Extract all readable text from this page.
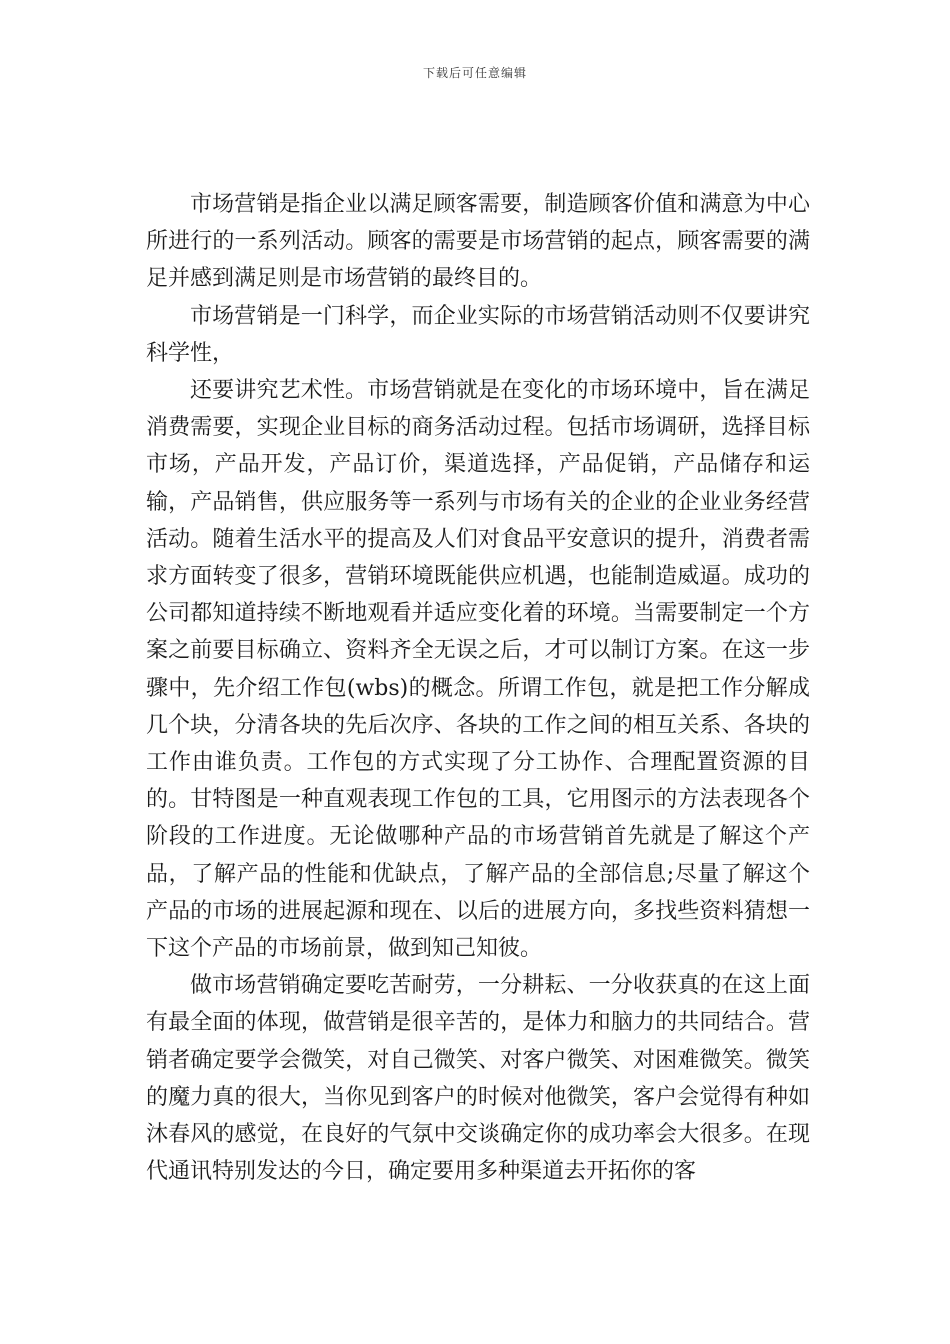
下载后可任意编辑

市场营销是指企业以满足顾客需要，制造顾客价值和满意为中心所进行的一系列活动。顾客的需要是市场营销的起点，顾客需要的满足并感到满足则是市场营销的最终目的。

市场营销是一门科学，而企业实际的市场营销活动则不仅要讲究科学性，

还要讲究艺术性。市场营销就是在变化的市场环境中，旨在满足消费需要，实现企业目标的商务活动过程。包括市场调研，选择目标市场，产品开发，产品订价，渠道选择，产品促销，产品储存和运输，产品销售，供应服务等一系列与市场有关的企业的企业业务经营活动。随着生活水平的提高及人们对食品平安意识的提升，消费者需求方面转变了很多，营销环境既能供应机遇，也能制造威逼。成功的公司都知道持续不断地观看并适应变化着的环境。当需要制定一个方案之前要目标确立、资料齐全无误之后，才可以制订方案。在这一步骤中，先介绍工作包(wbs)的概念。所谓工作包，就是把工作分解成几个块，分清各块的先后次序、各块的工作之间的相互关系、各块的工作由谁负责。工作包的方式实现了分工协作、合理配置资源的目的。甘特图是一种直观表现工作包的工具，它用图示的方法表现各个阶段的工作进度。无论做哪种产品的市场营销首先就是了解这个产品，了解产品的性能和优缺点，了解产品的全部信息;尽量了解这个产品的市场的进展起源和现在、以后的进展方向，多找些资料猜想一下这个产品的市场前景，做到知己知彼。

做市场营销确定要吃苦耐劳，一分耕耘、一分收获真的在这上面有最全面的体现，做营销是很辛苦的，是体力和脑力的共同结合。营销者确定要学会微笑，对自己微笑、对客户微笑、对困难微笑。微笑的魔力真的很大，当你见到客户的时候对他微笑，客户会觉得有种如沐春风的感觉，在良好的气氛中交谈确定你的成功率会大很多。在现代通讯特别发达的今日，确定要用多种渠道去开拓你的客
